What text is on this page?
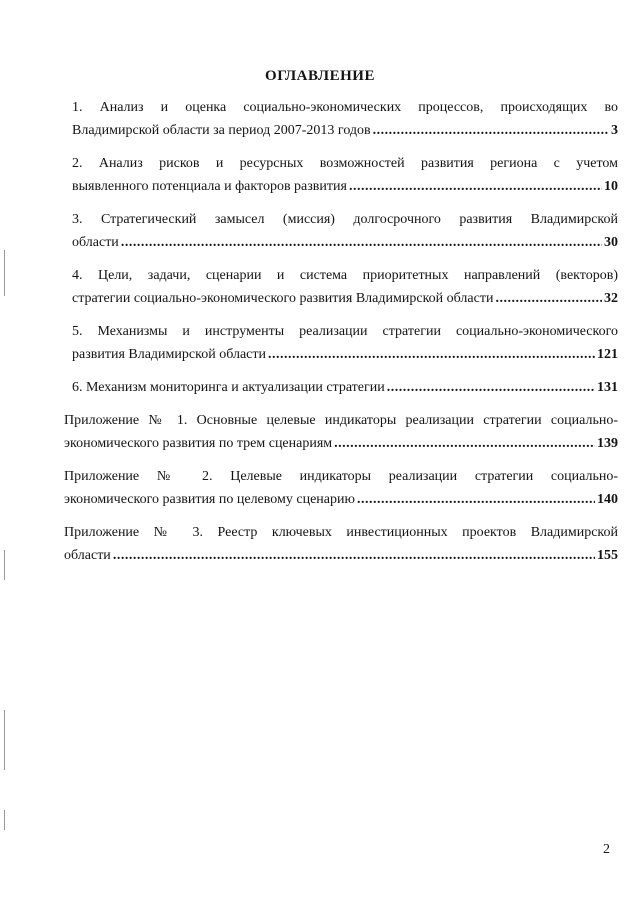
ОГЛАВЛЕНИЕ
1. Анализ и оценка социально-экономических процессов, происходящих во
Владимирской области за период 2007-2013 годов .....	3
2. Анализ рисков и ресурсных возможностей развития региона с учетом
выявленного потенциала и факторов развития .....	10
3. Стратегический замысел (миссия) долгосрочного развития Владимирской
области .....	30
4. Цели, задачи, сценарии и система приоритетных направлений (векторов)
стратегии социально-экономического развития Владимирской области .....	32
5. Механизмы и инструменты реализации стратегии социально-экономического
развития Владимирской области .....	121
6. Механизм мониторинга и актуализации стратегии .....	131
Приложение № 1. Основные целевые индикаторы реализации стратегии социально-
экономического развития по трем сценариям .....	139
Приложение № 2. Целевые индикаторы реализации стратегии социально-
экономического развития по целевому сценарию .....	140
Приложение № 3. Реестр ключевых инвестиционных проектов Владимирской
области .....	155
2
